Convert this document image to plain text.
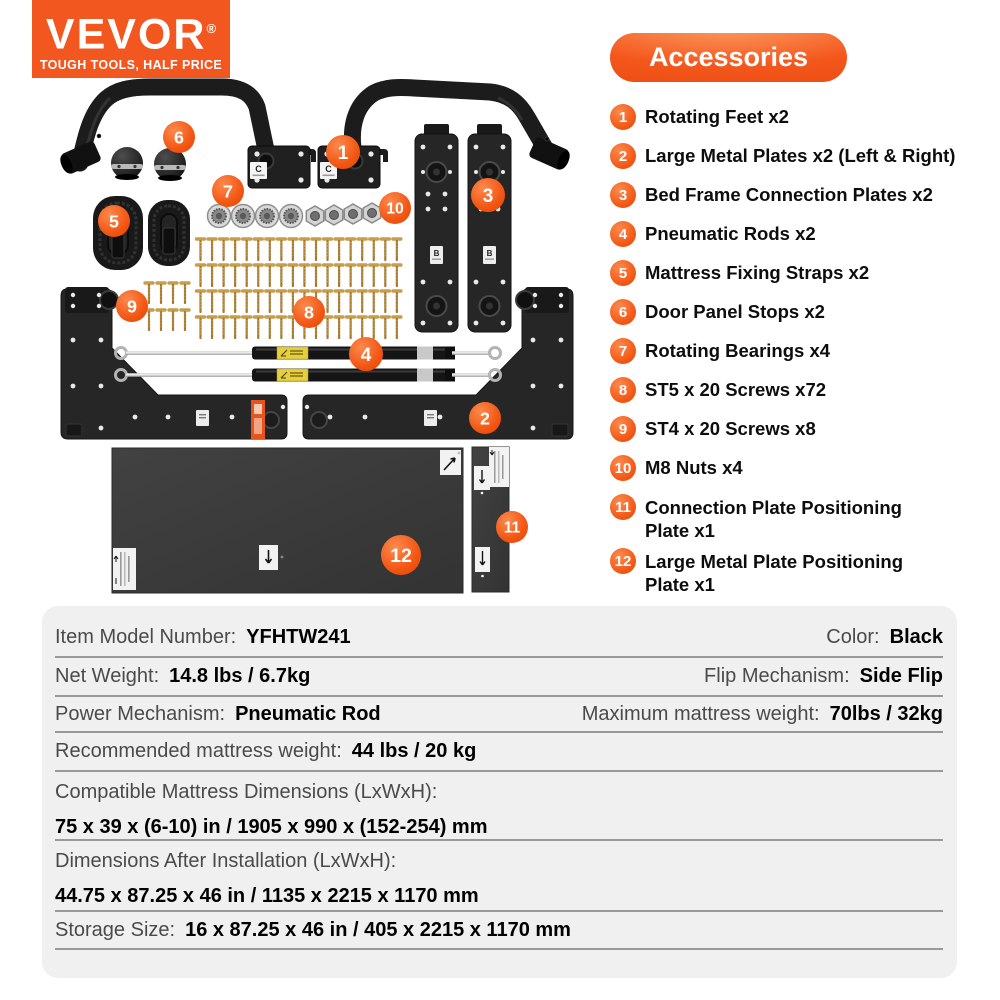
VEVOR®
TOUGH TOOLS, HALF PRICE
C	C
B	B
1
2
3
4
5
6
7
8
9
10
11
12
Accessories
1 Rotating Feet x2
2 Large Metal Plates x2 (Left & Right)
3 Bed Frame Connection Plates x2
4 Pneumatic Rods x2
5 Mattress Fixing Straps x2
6 Door Panel Stops x2
7 Rotating Bearings x4
8 ST5 x 20 Screws x72
9 ST4 x 20 Screws x8
10 M8 Nuts x4
11 Connection Plate Positioning
Plate x1
12 Large Metal Plate Positioning
Plate x1
Item Model Number: YFHTW241	Color: Black
Net Weight: 14.8 lbs / 6.7kg	Flip Mechanism: Side Flip
Power Mechanism: Pneumatic Rod	Maximum mattress weight: 70lbs / 32kg
Recommended mattress weight: 44 lbs / 20 kg
Compatible Mattress Dimensions (LxWxH):
75 x 39 x (6-10) in / 1905 x 990 x (152-254) mm
Dimensions After Installation (LxWxH):
44.75 x 87.25 x 46 in / 1135 x 2215 x 1170 mm
Storage Size: 16 x 87.25 x 46 in / 405 x 2215 x 1170 mm
